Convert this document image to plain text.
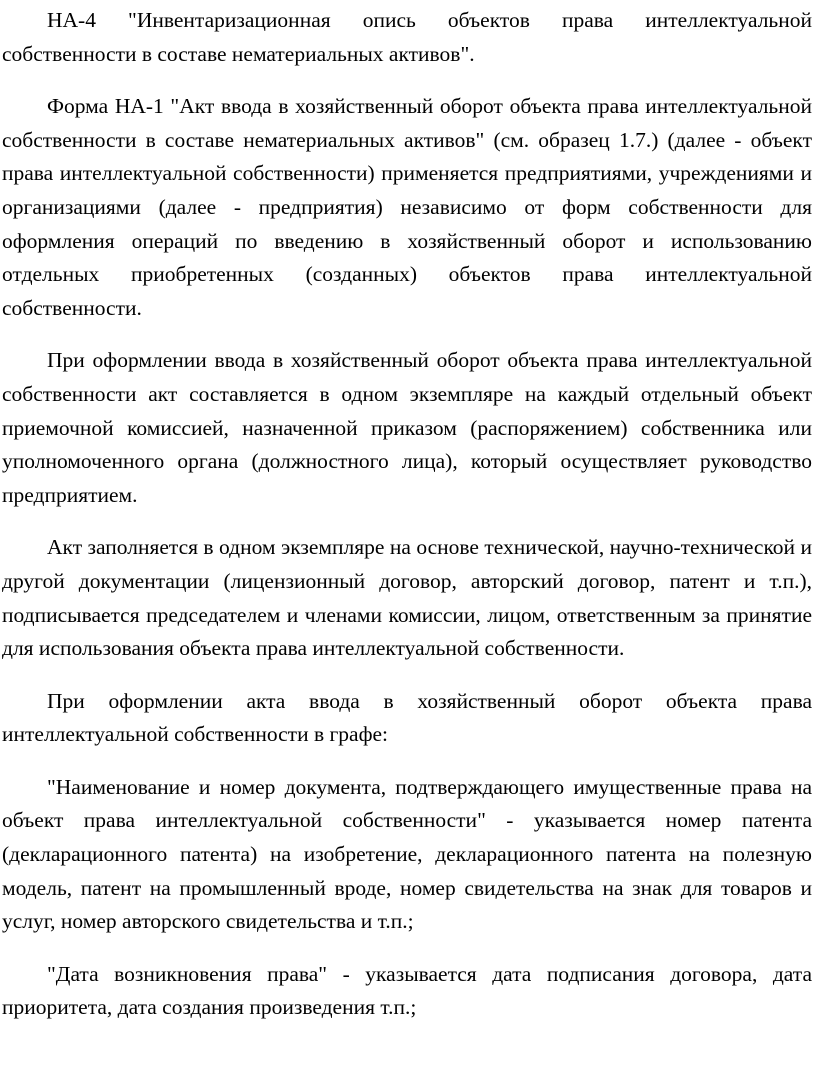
НА-4 "Инвентаризационная опись объектов права интеллектуальной собственности в составе нематериальных активов".

Форма НА-1 "Акт ввода в хозяйственный оборот объекта права интеллектуальной собственности в составе нематериальных активов" (см. образец 1.7.) (далее - объект права интеллектуальной собственности) применяется предприятиями, учреждениями и организациями (далее - предприятия) независимо от форм собственности для оформления операций по введению в хозяйственный оборот и использованию отдельных приобретенных (созданных) объектов права интеллектуальной собственности.

При оформлении ввода в хозяйственный оборот объекта права интеллектуальной собственности акт составляется в одном экземпляре на каждый отдельный объект приемочной комиссией, назначенной приказом (распоряжением) собственника или уполномоченного органа (должностного лица), который осуществляет руководство предприятием.

Акт заполняется в одном экземпляре на основе технической, научно-технической и другой документации (лицензионный договор, авторский договор, патент и т.п.), подписывается председателем и членами комиссии, лицом, ответственным за принятие для использования объекта права интеллектуальной собственности.

При оформлении акта ввода в хозяйственный оборот объекта права интеллектуальной собственности в графе:

"Наименование и номер документа, подтверждающего имущественные права на объект права интеллектуальной собственности" - указывается номер патента (декларационного патента) на изобретение, декларационного патента на полезную модель, патент на промышленный вроде, номер свидетельства на знак для товаров и услуг, номер авторского свидетельства и т.п.;

"Дата возникновения права" - указывается дата подписания договора, дата приоритета, дата создания произведения т.п.;
